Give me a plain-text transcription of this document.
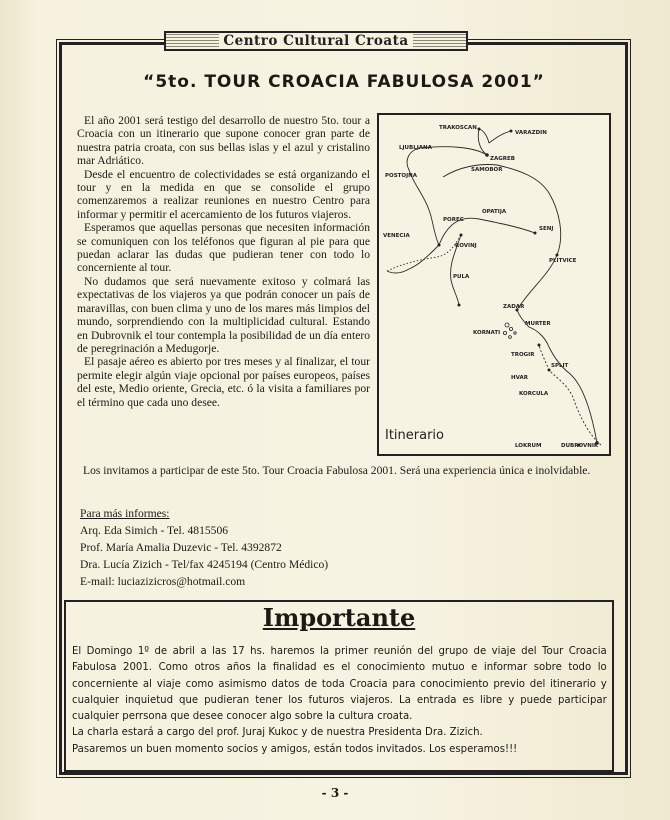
Centro Cultural Croata
“5to. TOUR CROACIA FABULOSA 2001”

El año 2001 será testigo del desarrollo de nuestro 5to. tour a Croacia con un itinerario que supone conocer gran parte de nuestra patria croata, con sus bellas islas y el azul y cristalino mar Adriático.

Desde el encuentro de colectividades se está organizando el tour y en la medida en que se consolide el grupo comenzaremos a realizar reuniones en nuestro Centro para informar y permitir el acercamiento de los futuros viajeros.

Esperamos que aquellas personas que necesiten información se comuniquen con los teléfonos que figuran al pie para que puedan aclarar las dudas que pudieran tener con todo lo concerniente al tour.

No dudamos que será nuevamente exitoso y colmará las expectativas de los viajeros ya que podrán conocer un país de maravillas, con buen clima y uno de los mares más limpios del mundo, sorprendiendo con la multiplicidad cultural. Estando en Dubrovnik el tour contempla la posibilidad de un día entero de peregrinación a Medugorje.

El pasaje aéreo es abierto por tres meses y al finalizar, el tour permite elegir algún viaje opcional por países europeos, países del este, Medio oriente, Grecia, etc. ó la visita a familiares por el término que cada uno desee.

TRAKOSCAN
VARAZDIN
LJUBLJANA
ZAGREB
SAMOBOR
POSTOJNA
POREC
OPATIJA
SENJ
VENECIA
ROVINJ
PLITVICE
PULA
ZADAR
MURTER
KORNATI
TROGIR
SPLIT
HVAR
KORCULA
LOKRUM	DUBROVNIK
Itinerario

Los invitamos a participar de este 5to. Tour Croacia Fabulosa 2001. Será una experiencia única e inolvidable.

Para más informes:
Arq. Eda Simich - Tel. 4815506
Prof. María Amalia Duzevic - Tel. 4392872
Dra. Lucía Zizich - Tel/fax 4245194 (Centro Médico)
E-mail: luciazizicros@hotmail.com
Importante
El Domingo 1º de abril a las 17 hs. haremos la primer reunión del grupo de viaje del Tour Croacia Fabulosa 2001. Como otros años la finalidad es el conocimiento mutuo e informar sobre todo lo concerniente al viaje como asimismo datos de toda Croacia para conocimiento previo del itinerario y cualquier inquietud que pudieran tener los futuros viajeros. La entrada es libre y puede participar cualquier perrsona que desee conocer algo sobre la cultura croata.
La charla estará a cargo del prof. Juraj Kukoc y de nuestra Presidenta Dra. Zizich.
Pasaremos un buen momento socios y amigos, están todos invitados. Los esperamos!!!
- 3 -
